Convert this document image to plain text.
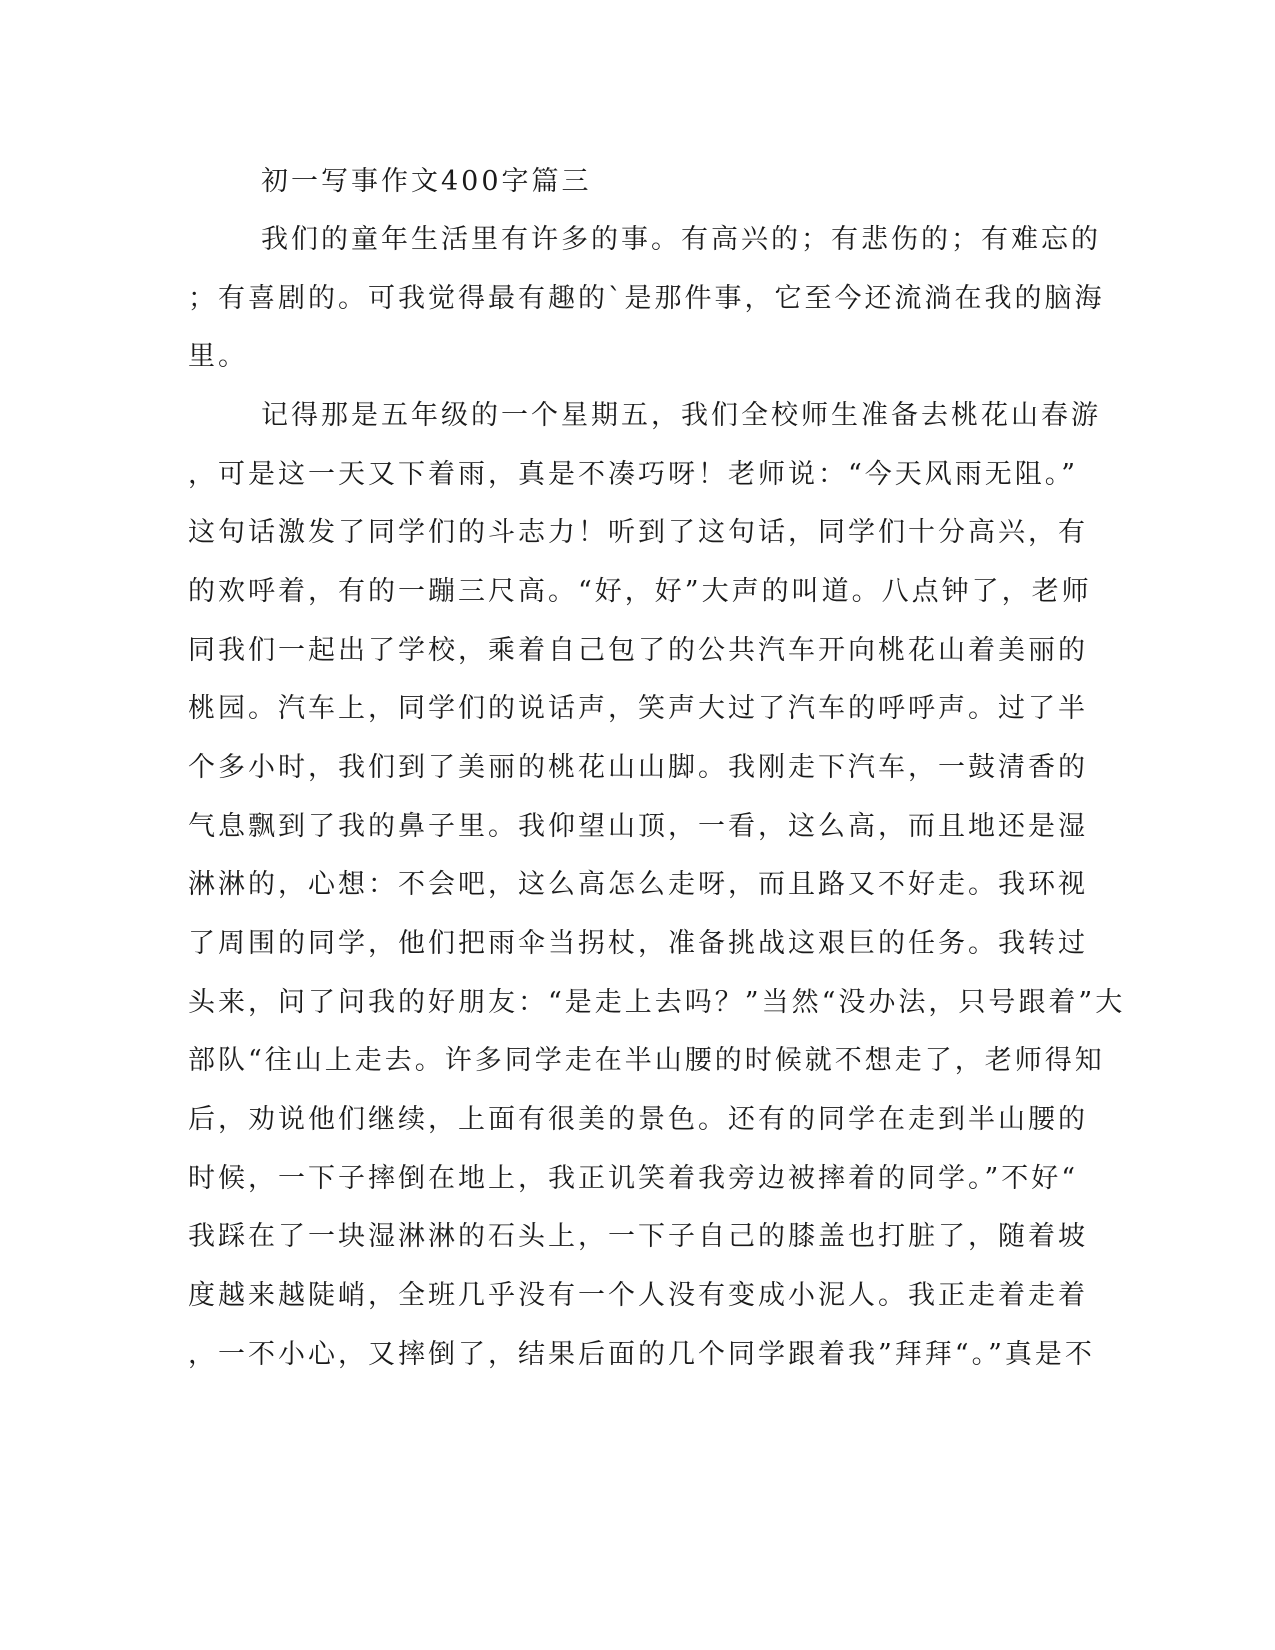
初一写事作文400字篇三
我们的童年生活里有许多的事。有高兴的；有悲伤的；有难忘的
；有喜剧的。可我觉得最有趣的`是那件事，它至今还流淌在我的脑海
里。
记得那是五年级的一个星期五，我们全校师生准备去桃花山春游
，可是这一天又下着雨，真是不凑巧呀！老师说：“今天风雨无阻。”
这句话激发了同学们的斗志力！听到了这句话，同学们十分高兴，有
的欢呼着，有的一蹦三尺高。“好，好”大声的叫道。八点钟了，老师
同我们一起出了学校，乘着自己包了的公共汽车开向桃花山着美丽的
桃园。汽车上，同学们的说话声，笑声大过了汽车的呼呼声。过了半
个多小时，我们到了美丽的桃花山山脚。我刚走下汽车，一鼓清香的
气息飘到了我的鼻子里。我仰望山顶，一看，这么高，而且地还是湿
淋淋的，心想：不会吧，这么高怎么走呀，而且路又不好走。我环视
了周围的同学，他们把雨伞当拐杖，准备挑战这艰巨的任务。我转过
头来，问了问我的好朋友：“是走上去吗？”当然“没办法，只号跟着”大
部队“往山上走去。许多同学走在半山腰的时候就不想走了，老师得知
后，劝说他们继续，上面有很美的景色。还有的同学在走到半山腰的
时候，一下子摔倒在地上，我正讥笑着我旁边被摔着的同学。”不好“
我踩在了一块湿淋淋的石头上，一下子自己的膝盖也打脏了，随着坡
度越来越陡峭，全班几乎没有一个人没有变成小泥人。我正走着走着
，一不小心，又摔倒了，结果后面的几个同学跟着我”拜拜“。”真是不
